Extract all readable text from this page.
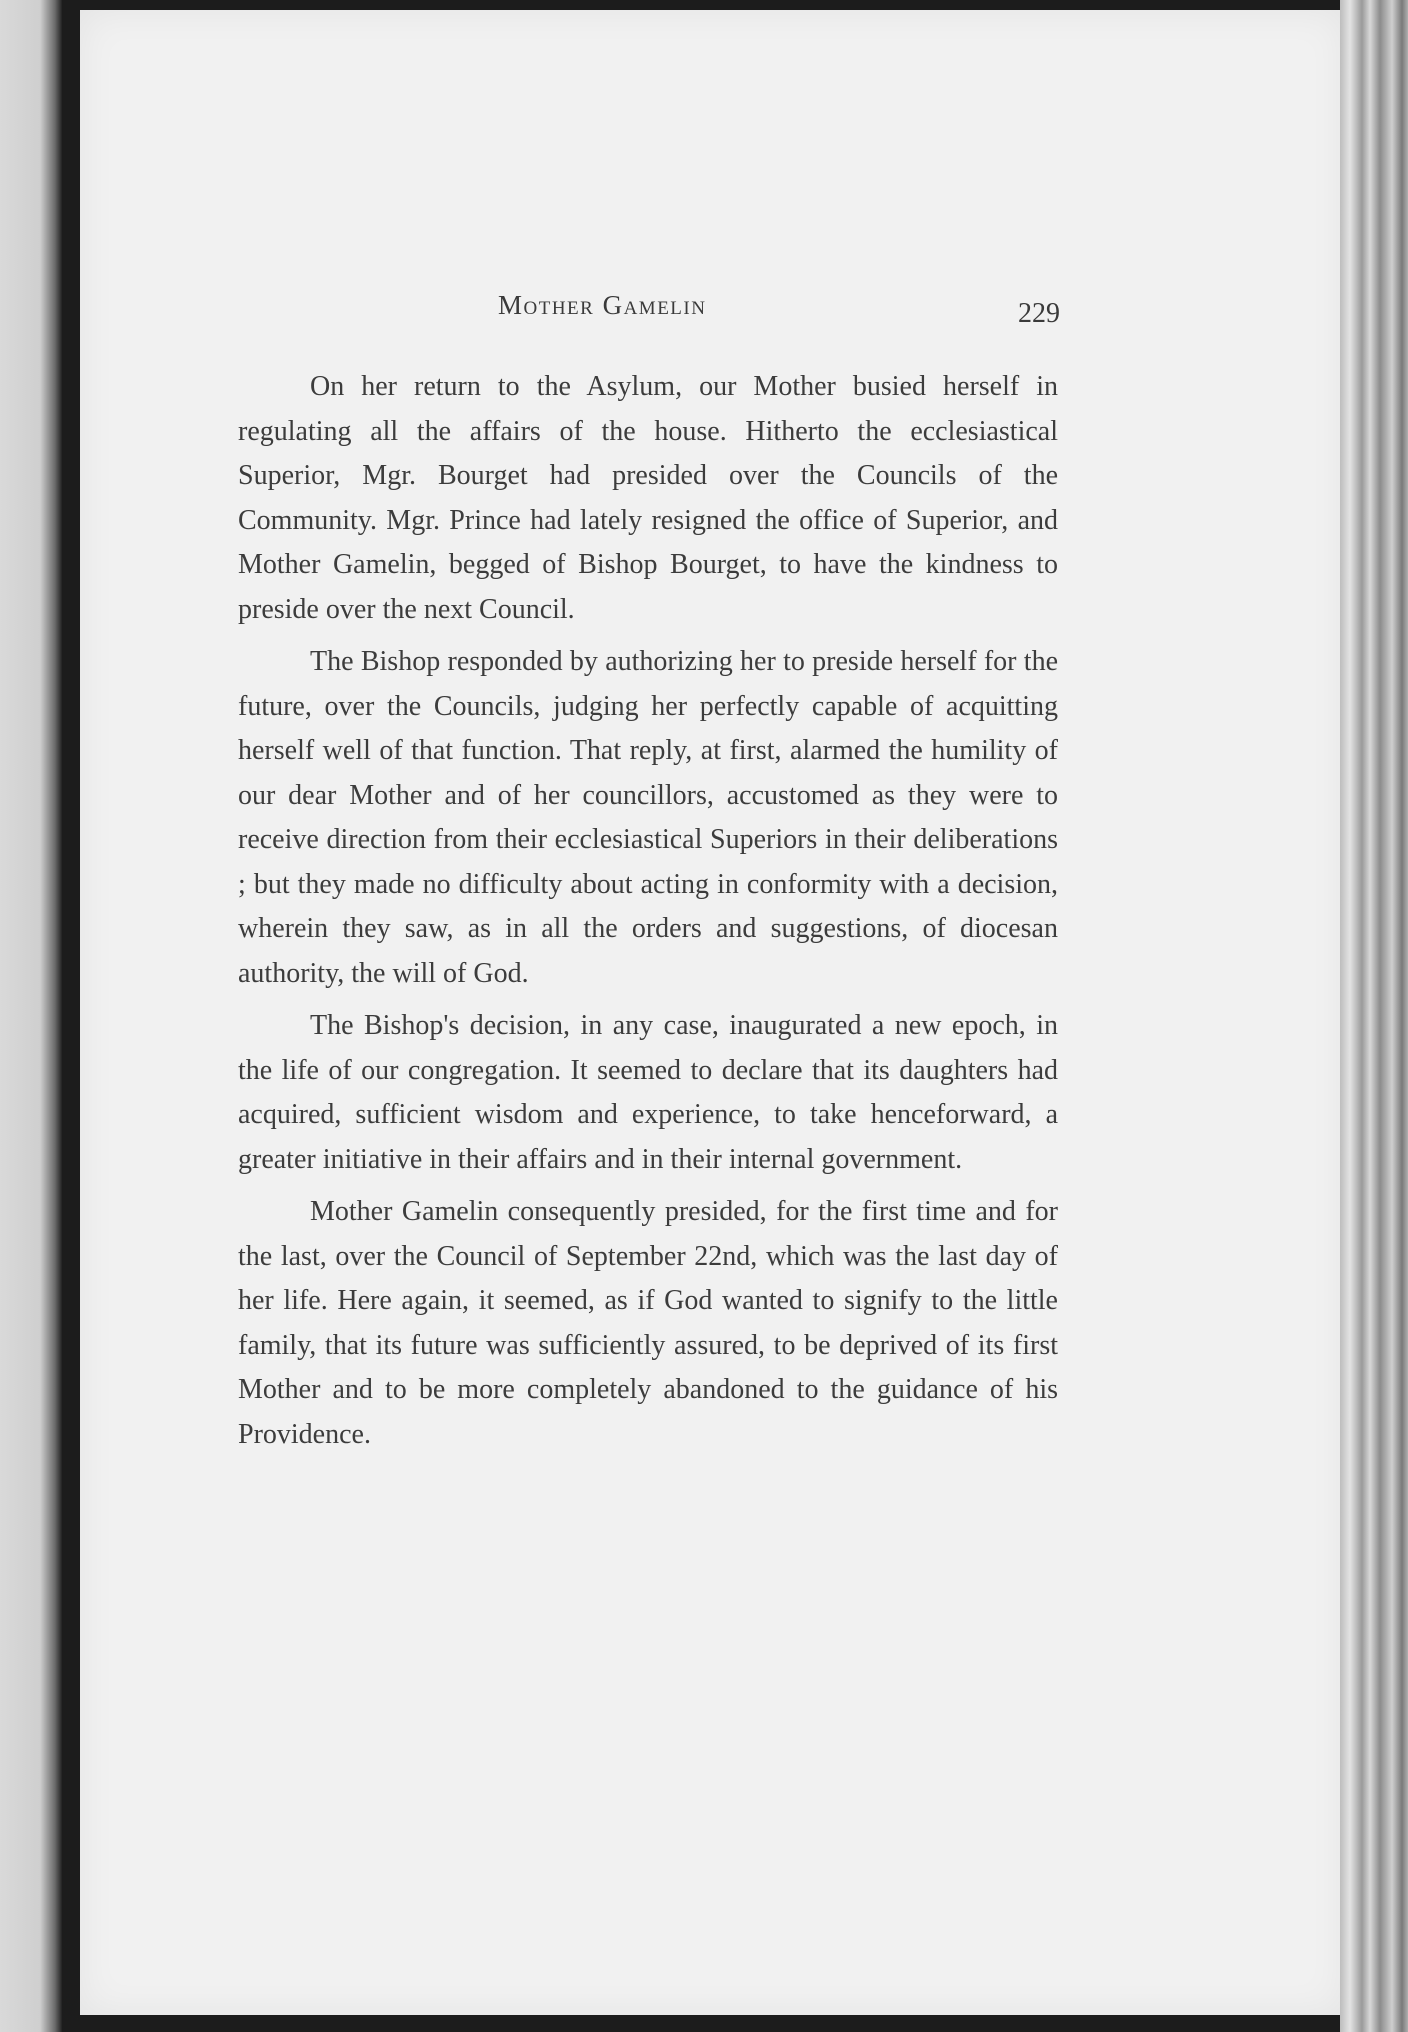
Mother Gamelin	229

On her return to the Asylum, our Mother busied herself in regulating all the affairs of the house. Hitherto the ecclesiastical Superior, Mgr. Bourget had presided over the Councils of the Community. Mgr. Prince had lately resigned the office of Superior, and Mother Gamelin, begged of Bishop Bourget, to have the kindness to preside over the next Council.

The Bishop responded by authorizing her to preside herself for the future, over the Councils, judging her perfectly capable of acquitting herself well of that function. That reply, at first, alarmed the humility of our dear Mother and of her councillors, accustomed as they were to receive direction from their ecclesiastical Superiors in their deliberations ; but they made no difficulty about acting in conformity with a decision, wherein they saw, as in all the orders and suggestions, of diocesan authority, the will of God.

The Bishop's decision, in any case, inaugurated a new epoch, in the life of our congregation. It seemed to declare that its daughters had acquired, sufficient wisdom and experience, to take henceforward, a greater initiative in their affairs and in their internal government.

Mother Gamelin consequently presided, for the first time and for the last, over the Council of September 22nd, which was the last day of her life. Here again, it seemed, as if God wanted to signify to the little family, that its future was sufficiently assured, to be deprived of its first Mother and to be more completely abandoned to the guidance of his Providence.
